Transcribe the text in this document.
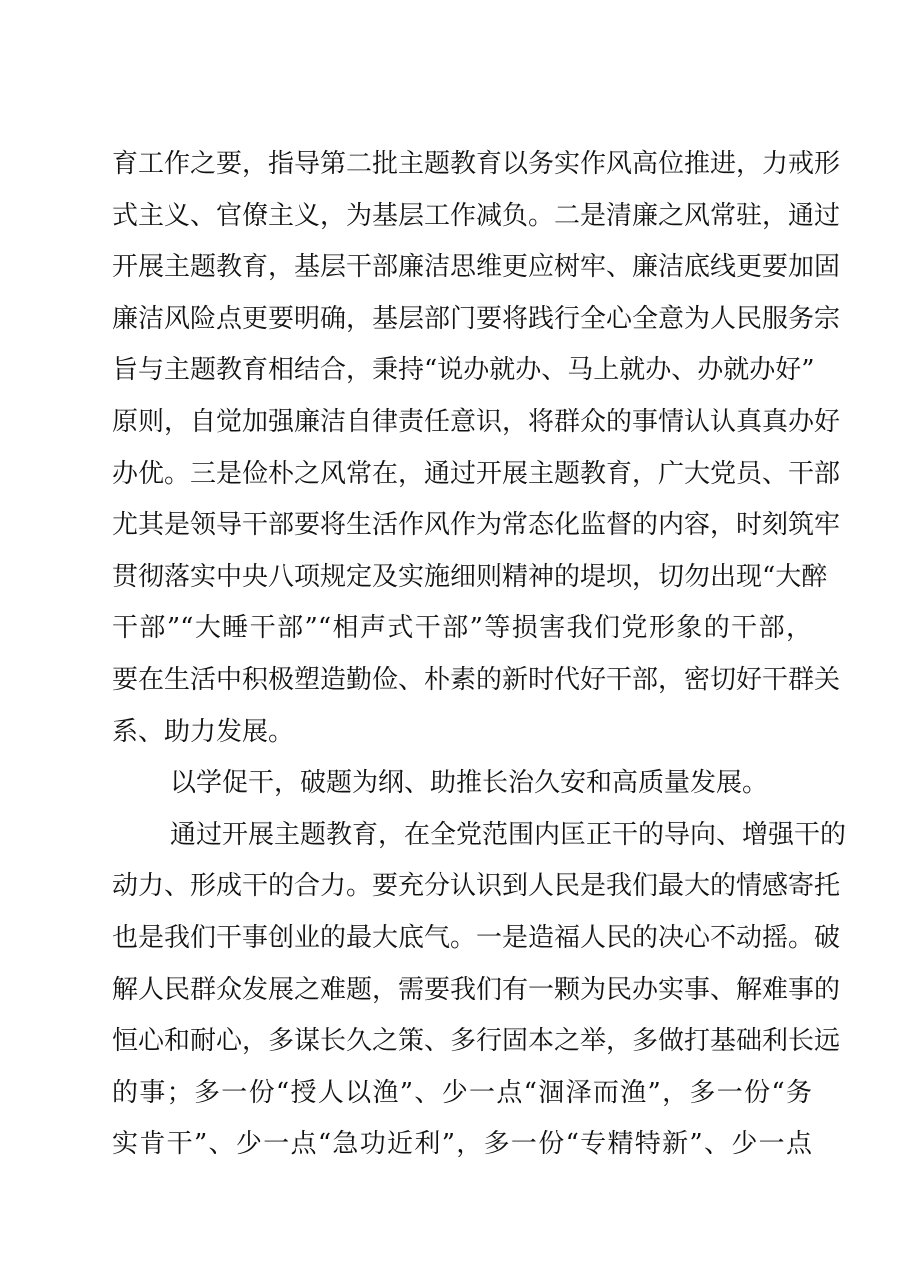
育工作之要，指导第二批主题教育以务实作风高位推进，力戒形
式主义、官僚主义，为基层工作减负。二是清廉之风常驻，通过
开展主题教育，基层干部廉洁思维更应树牢、廉洁底线更要加固
廉洁风险点更要明确，基层部门要将践行全心全意为人民服务宗
旨与主题教育相结合，秉持“说办就办、马上就办、办就办好”
原则，自觉加强廉洁自律责任意识，将群众的事情认认真真办好
办优。三是俭朴之风常在，通过开展主题教育，广大党员、干部
尤其是领导干部要将生活作风作为常态化监督的内容，时刻筑牢
贯彻落实中央八项规定及实施细则精神的堤坝，切勿出现“大醉
干部”“大睡干部”“相声式干部”等损害我们党形象的干部，
要在生活中积极塑造勤俭、朴素的新时代好干部，密切好干群关
系、助力发展。
以学促干，破题为纲、助推长治久安和高质量发展。
通过开展主题教育，在全党范围内匡正干的导向、增强干的
动力、形成干的合力。要充分认识到人民是我们最大的情感寄托
也是我们干事创业的最大底气。一是造福人民的决心不动摇。破
解人民群众发展之难题，需要我们有一颗为民办实事、解难事的
恒心和耐心，多谋长久之策、多行固本之举，多做打基础利长远
的事；多一份“授人以渔”、少一点“涸泽而渔”，多一份“务
实肯干”、少一点“急功近利”，多一份“专精特新”、少一点
